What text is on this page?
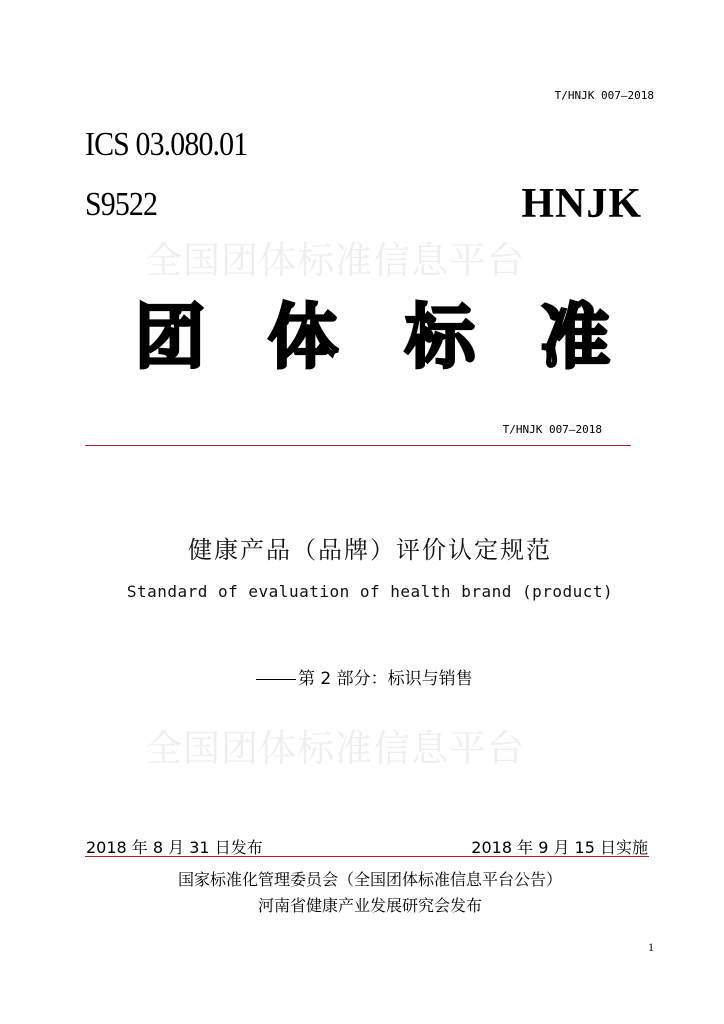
T/HNJK 007—2018
ICS 03.080.01
S9522	HNJK
全国团体标准信息平台
团 体 标 准
T/HNJK 007—2018
健康产品（品牌）评价认定规范
Standard of evaluation of health brand (product)
第 2 部分：标识与销售
全国团体标准信息平台
2018 年 8 月 31 日发布	2018 年 9 月 15 日实施
国家标准化管理委员会（全国团体标准信息平台公告）
河南省健康产业发展研究会发布
1
